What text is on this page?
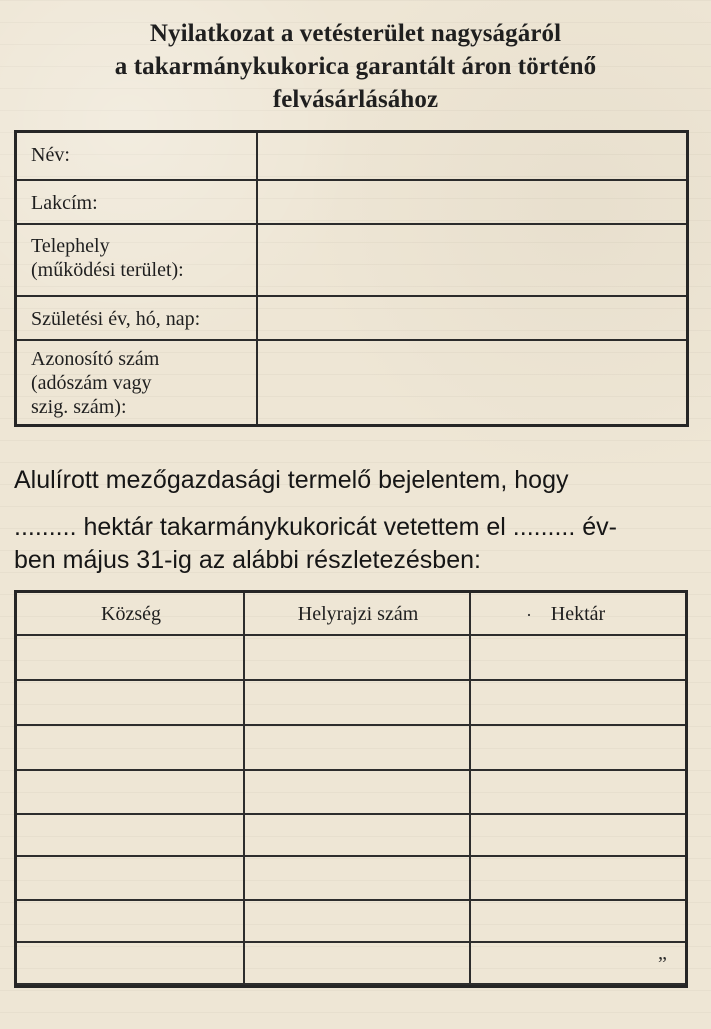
Nyilatkozat a vetésterület nagyságáról
a takarmánykukorica garantált áron történő
felvásárlásához
Név:
Lakcím:
Telephely
(működési terület):
Születési év, hó, nap:
Azonosító szám
(adószám vagy
szig. szám):
Alulírott mezőgazdasági termelő bejelentem, hogy
......... hektár takarmánykukoricát vetettem el ......... év-
ben május 31-ig az alábbi részletezésben:
Község	Helyrajzi szám	Hektár
·
”
